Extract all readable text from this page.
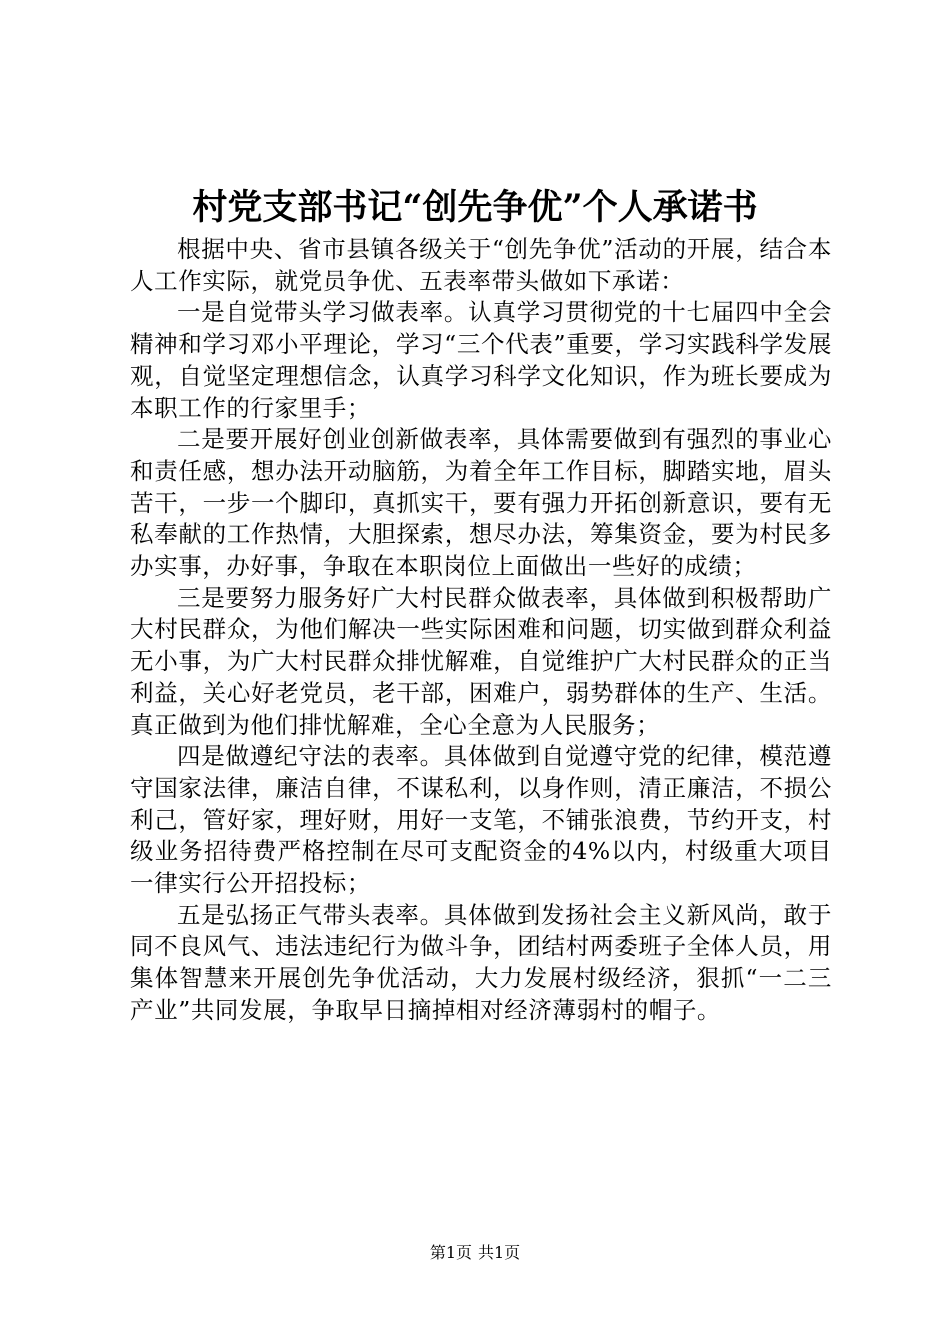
村党支部书记“创先争优”个人承诺书

根据中央、省市县镇各级关于“创先争优”活动的开展，结合本人工作实际，就党员争优、五表率带头做如下承诺：

一是自觉带头学习做表率。认真学习贯彻党的十七届四中全会精神和学习邓小平理论，学习“三个代表”重要，学习实践科学发展观，自觉坚定理想信念，认真学习科学文化知识，作为班长要成为本职工作的行家里手；

二是要开展好创业创新做表率，具体需要做到有强烈的事业心和责任感，想办法开动脑筋，为着全年工作目标，脚踏实地，眉头苦干，一步一个脚印，真抓实干，要有强力开拓创新意识，要有无私奉献的工作热情，大胆探索，想尽办法，筹集资金，要为村民多办实事，办好事，争取在本职岗位上面做出一些好的成绩；

三是要努力服务好广大村民群众做表率，具体做到积极帮助广大村民群众，为他们解决一些实际困难和问题，切实做到群众利益无小事，为广大村民群众排忧解难，自觉维护广大村民群众的正当利益，关心好老党员，老干部，困难户，弱势群体的生产、生活。真正做到为他们排忧解难，全心全意为人民服务；

四是做遵纪守法的表率。具体做到自觉遵守党的纪律，模范遵守国家法律，廉洁自律，不谋私利，以身作则，清正廉洁，不损公利己，管好家，理好财，用好一支笔，不铺张浪费，节约开支，村级业务招待费严格控制在尽可支配资金的4%以内，村级重大项目一律实行公开招投标；

五是弘扬正气带头表率。具体做到发扬社会主义新风尚，敢于同不良风气、违法违纪行为做斗争，团结村两委班子全体人员，用集体智慧来开展创先争优活动，大力发展村级经济，狠抓“一二三产业”共同发展，争取早日摘掉相对经济薄弱村的帽子。

第1页 共1页
